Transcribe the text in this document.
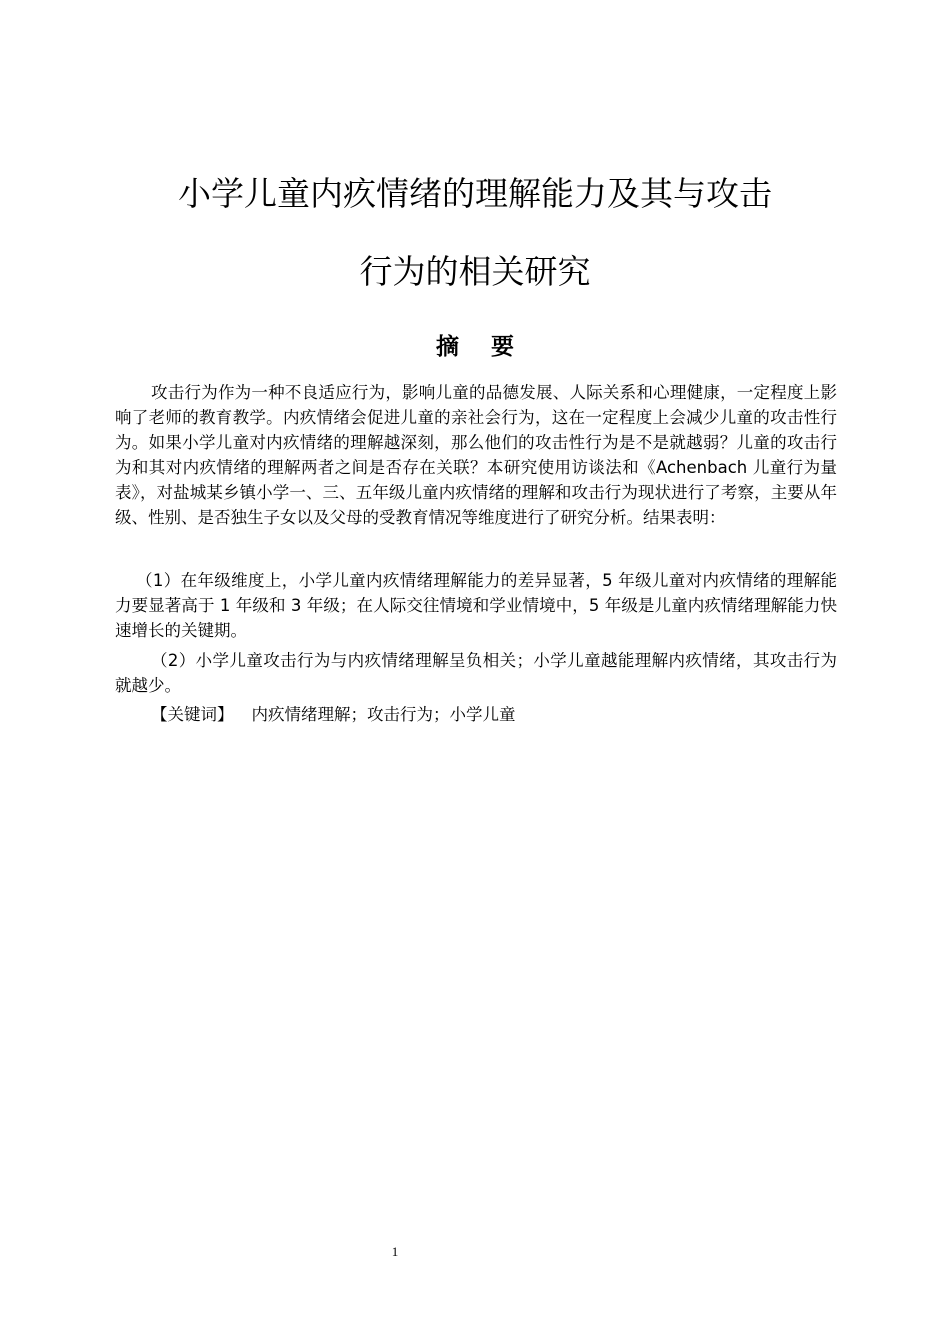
小学儿童内疚情绪的理解能力及其与攻击
行为的相关研究
摘    要

攻击行为作为一种不良适应行为，影响儿童的品德发展、人际关系和心理健康，一定程度上影响了老师的教育教学。内疚情绪会促进儿童的亲社会行为，这在一定程度上会减少儿童的攻击性行为。如果小学儿童对内疚情绪的理解越深刻，那么他们的攻击性行为是不是就越弱？儿童的攻击行为和其对内疚情绪的理解两者之间是否存在关联？本研究使用访谈法和《Achenbach 儿童行为量表》，对盐城某乡镇小学一、三、五年级儿童内疚情绪的理解和攻击行为现状进行了考察，主要从年级、性别、是否独生子女以及父母的受教育情况等维度进行了研究分析。结果表明：

（1）在年级维度上，小学儿童内疚情绪理解能力的差异显著，5 年级儿童对内疚情绪的理解能力要显著高于 1 年级和 3 年级；在人际交往情境和学业情境中，5 年级是儿童内疚情绪理解能力快速增长的关键期。

（2）小学儿童攻击行为与内疚情绪理解呈负相关；小学儿童越能理解内疚情绪，其攻击行为就越少。

【关键词】 内疚情绪理解；攻击行为；小学儿童
1
